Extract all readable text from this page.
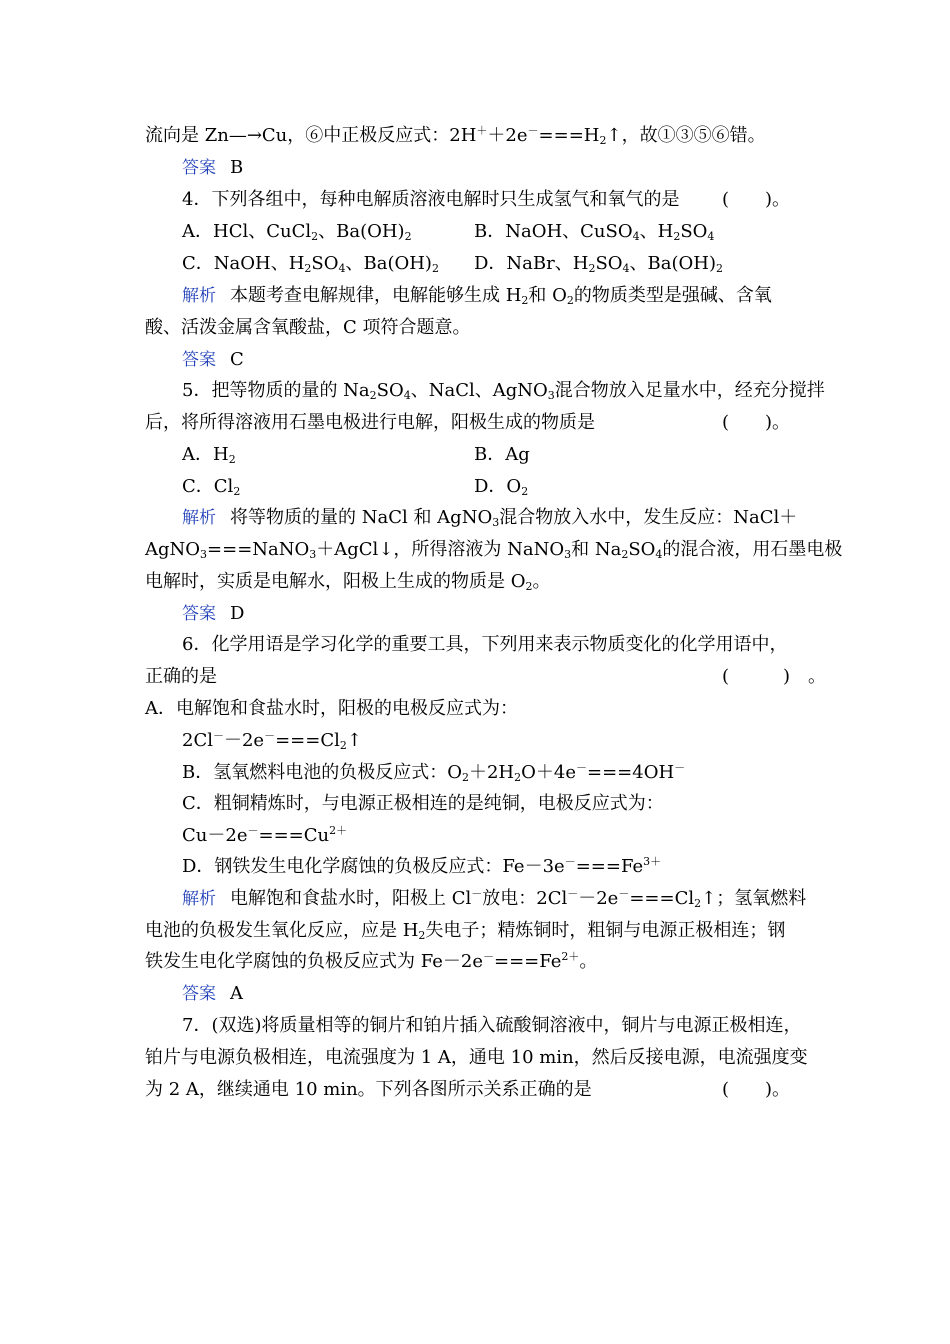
流向是 Zn—→Cu，⑥中正极反应式：$2H^++2e^-===H_2↑$，故①③⑤⑥错。
答案 B
4．下列各组中，每种电解质溶液电解时只生成氢气和氧气的是 (　　)。
A．HCl、CuCl$_2$、$Ba(OH)_2$	B．NaOH、CuSO$_4$、$H_2SO_4$
C．NaOH、$H_2SO_4$、$Ba(OH)_2$ D．NaBr、$H_2SO_4$、$Ba(OH)_2$
解析 本题考查电解规律，电解能够生成 $H_2$和 $O_2$的物质类型是强碱、含氧
酸、活泼金属含氧酸盐，C 项符合题意。
答案 C
5．把等物质的量的 $Na_2SO_4$、NaCl、AgNO$_3$混合物放入足量水中，经充分搅拌
后，将所得溶液用石墨电极进行电解，阳极生成的物质是	(　　)。
A．$H_2$	B．Ag
C．$Cl_2$	D．$O_2$
解析 将等物质的量的 NaCl 和 AgNO$_3$混合物放入水中，发生反应：NaCl＋
AgNO$_3$===NaNO$_3$＋AgCl↓，所得溶液为 NaNO$_3$和 $Na_2SO_4$的混合液，用石墨电极
电解时，实质是电解水，阳极上生成的物质是 $O_2$。
答案 D
6．化学用语是学习化学的重要工具，下列用来表示物质变化的化学用语中，
正确的是	(　　　)　。
A．电解饱和食盐水时，阳极的电极反应式为：
$2Cl^--2e^-===Cl_2↑$
B．氢氧燃料电池的负极反应式：$O_2+2H_2O+4e^-===4OH^-$
C．粗铜精炼时，与电源正极相连的是纯铜，电极反应式为：
$Cu-2e^-===Cu^{2+}$
D．钢铁发生电化学腐蚀的负极反应式：$Fe-3e^-===Fe^{3+}$
解析 电解饱和食盐水时，阳极上 Cl－放电：$2Cl^--2e^-===Cl_2↑$；氢氧燃料
电池的负极发生氧化反应，应是 $H_2$失电子；精炼铜时，粗铜与电源正极相连；钢
铁发生电化学腐蚀的负极反应式为 $Fe-2e^-===Fe^{2+}$。
答案 A
7．(双选)将质量相等的铜片和铂片插入硫酸铜溶液中，铜片与电源正极相连，
铂片与电源负极相连，电流强度为 1 A，通电 10 min，然后反接电源，电流强度变
为 2 A，继续通电 10 min。下列各图所示关系正确的是	(　　)。
